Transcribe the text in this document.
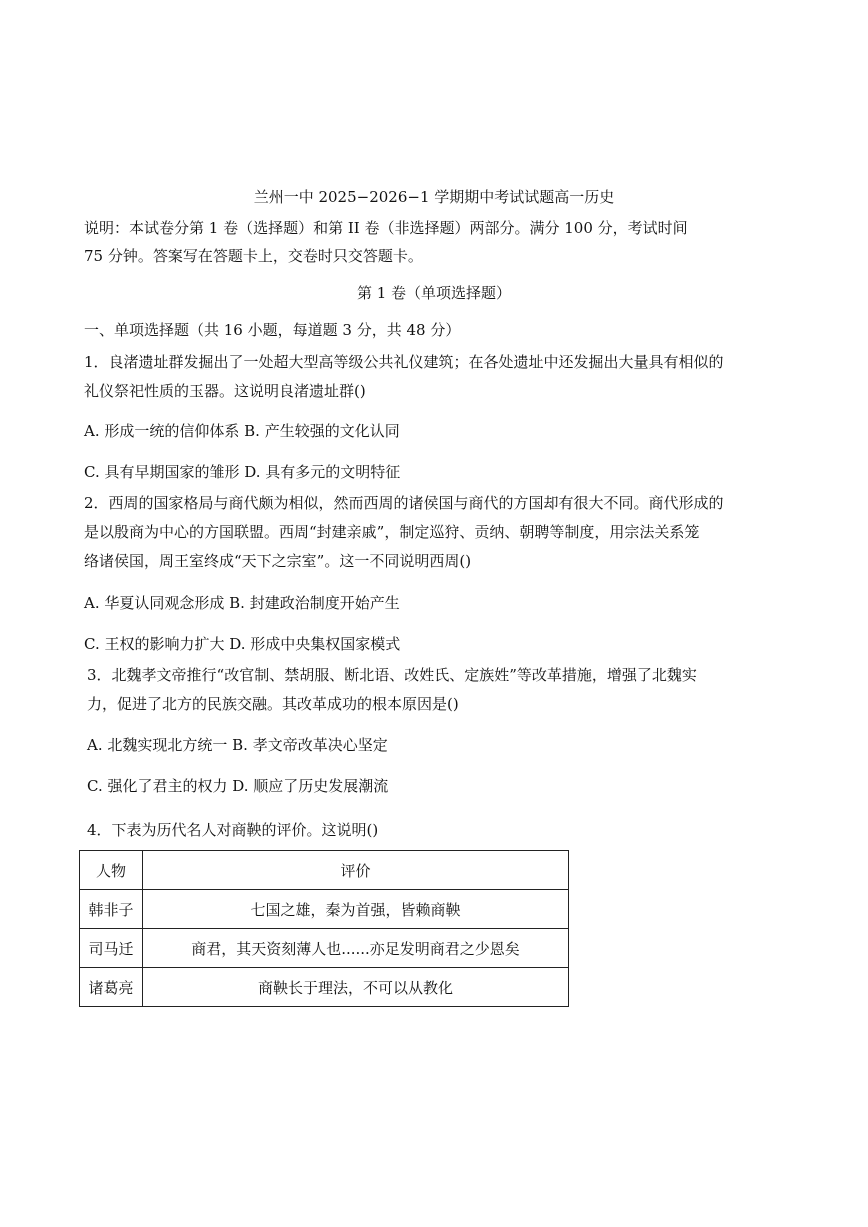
兰州一中 2025−2026−1 学期期中考试试题高一历史
说明：本试卷分第 1 卷（选择题）和第 II 卷（非选择题）两部分。满分 100 分，考试时间
75 分钟。答案写在答题卡上，交卷时只交答题卡。
第 1 卷（单项选择题）
一、单项选择题（共 16 小题，每道题 3 分，共 48 分）
1．良渚遗址群发掘出了一处超大型高等级公共礼仪建筑；在各处遗址中还发掘出大量具有相似的
礼仪祭祀性质的玉器。这说明良渚遗址群()
A. 形成一统的信仰体系 B. 产生较强的文化认同
C. 具有早期国家的雏形 D. 具有多元的文明特征
2．西周的国家格局与商代颇为相似，然而西周的诸侯国与商代的方国却有很大不同。商代形成的
是以殷商为中心的方国联盟。西周“封建亲戚”，制定巡狩、贡纳、朝聘等制度，用宗法关系笼
络诸侯国，周王室终成“天下之宗室”。这一不同说明西周()
A. 华夏认同观念形成 B. 封建政治制度开始产生
C. 王权的影响力扩大 D. 形成中央集权国家模式
3．北魏孝文帝推行“改官制、禁胡服、断北语、改姓氏、定族姓”等改革措施，增强了北魏实
力，促进了北方的民族交融。其改革成功的根本原因是()
A. 北魏实现北方统一 B. 孝文帝改革决心坚定
C. 强化了君主的权力 D. 顺应了历史发展潮流
4．下表为历代名人对商鞅的评价。这说明()
人物	评价
韩非子	七国之雄，秦为首强，皆赖商鞅
司马迁	商君，其天资刻薄人也......亦足发明商君之少恩矣
诸葛亮	商鞅长于理法，不可以从教化
